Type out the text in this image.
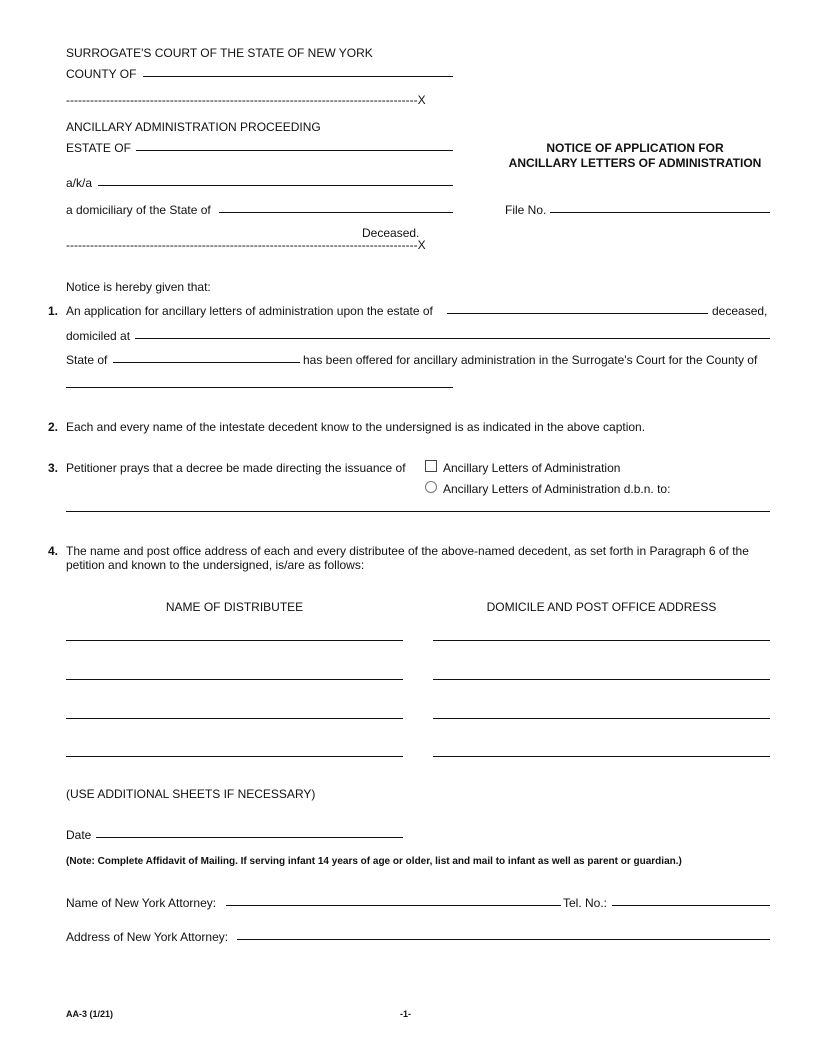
SURROGATE'S COURT OF THE STATE OF NEW YORK
COUNTY OF
----------------------------------------------------------------------------------------X
ANCILLARY ADMINISTRATION PROCEEDING
ESTATE OF
a/k/a
a domiciliary of the State of
Deceased.
----------------------------------------------------------------------------------------X
NOTICE OF APPLICATION FOR
ANCILLARY LETTERS OF ADMINISTRATION
File No.
Notice is hereby given that:
1. An application for ancillary letters of administration upon the estate of	deceased,
domiciled at
State of	has been offered for ancillary administration in the Surrogate's Court for the County of
2. Each and every name of the intestate decedent know to the undersigned is as indicated in the above caption.
3. Petitioner prays that a decree be made directing the issuance of	Ancillary Letters of Administration
Ancillary Letters of Administration d.b.n. to:
4. The name and post office address of each and every distributee of the above-named decedent, as set forth in Paragraph 6 of the petition and known to the undersigned, is/are as follows:
NAME OF DISTRIBUTEE	DOMICILE AND POST OFFICE ADDRESS
(USE ADDITIONAL SHEETS IF NECESSARY)
Date
(Note: Complete Affidavit of Mailing. If serving infant 14 years of age or older, list and mail to infant as well as parent or guardian.)
Name of New York Attorney:	Tel. No.:
Address of New York Attorney:
AA-3 (1/21)	-1-
